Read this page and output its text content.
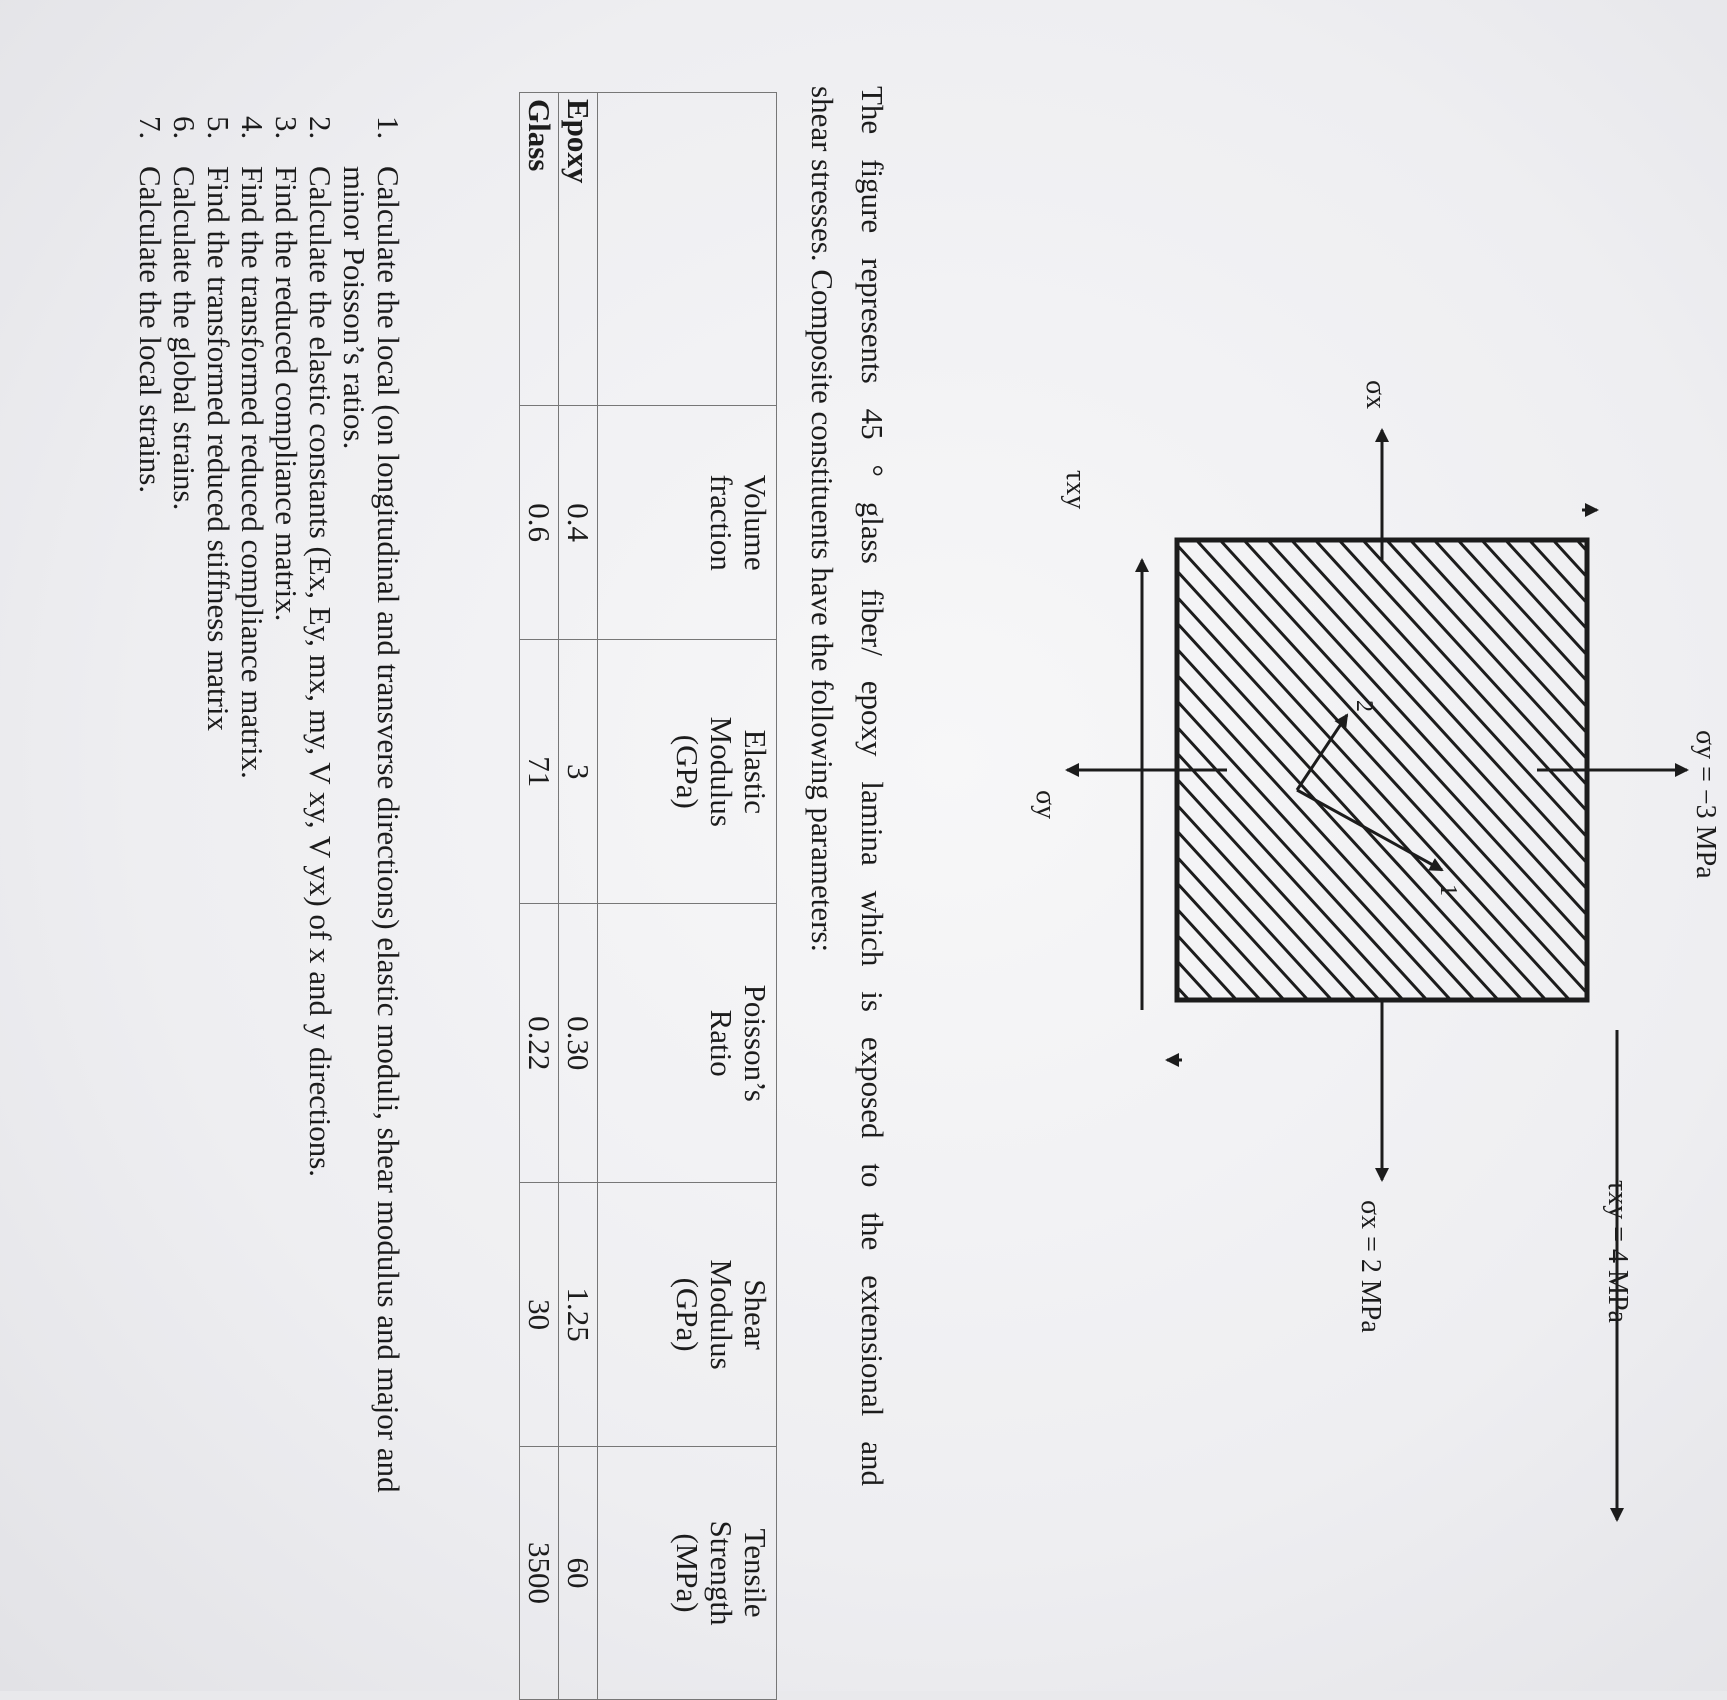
1
2
σy = −3 MPa
τxy = 4 MPa
σx = 2 MPa
σx
τxy
σy

The figure represents 45 ° glass fiber/ epoxy lamina which is exposed to the extensional and
shear stresses. Composite constituents have the following parameters:

	Volume
fraction	Elastic
Modulus
(GPa)	Poisson’s
Ratio	Shear
Modulus
(GPa)	Tensile
Strength
(MPa)
Epoxy	0.4	3	0.30	1.25	60
Glass	0.6	71	0.22	30	3500
1.
Calculate the local (on longitudinal and transverse directions) elastic moduli, shear modulus and major and minor Poisson’s ratios.
2.
Calculate the elastic constants (Ex, Ey, mx, my, V xy, V yx) of x and y directions.
3.
Find the reduced compliance matrix.
4.
Find the transformed reduced compliance matrix.
5.
Find the transformed reduced stiffness matrix
6.
Calculate the global strains.
7.
Calculate the local strains.
